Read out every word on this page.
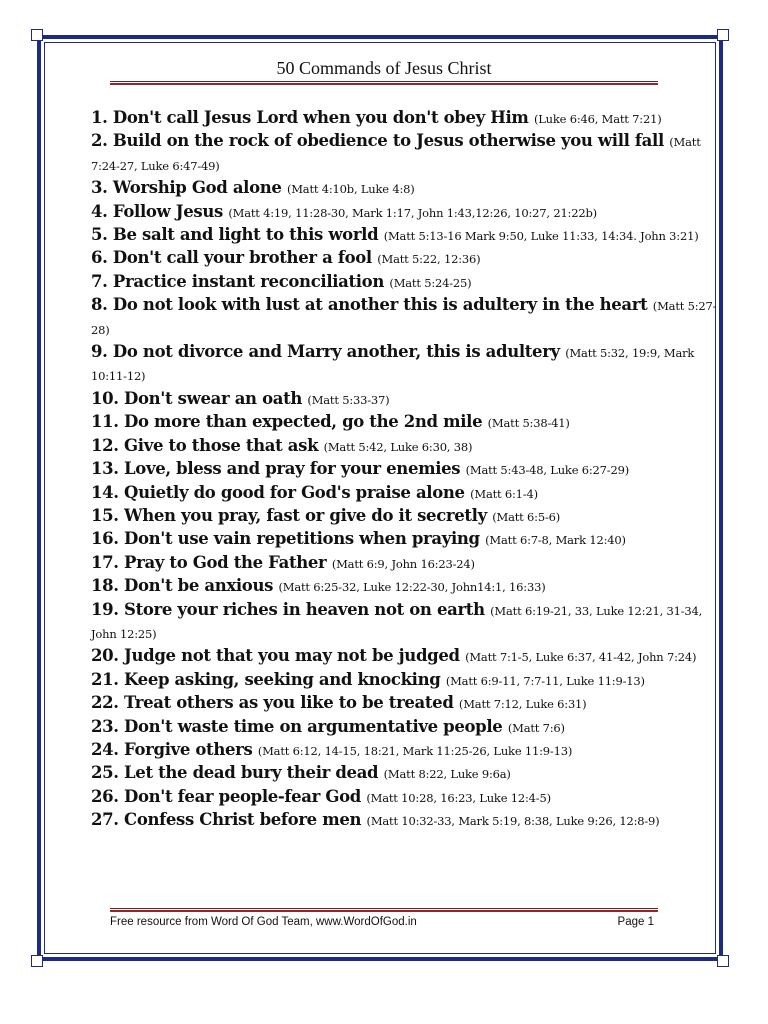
50 Commands of Jesus Christ
1. Don't call Jesus Lord when you don't obey Him (Luke 6:46, Matt 7:21)
2. Build on the rock of obedience to Jesus otherwise you will fall (Matt 7:24-27, Luke 6:47-49)
3. Worship God alone (Matt 4:10b, Luke 4:8)
4. Follow Jesus (Matt 4:19, 11:28-30, Mark 1:17, John 1:43,12:26, 10:27, 21:22b)
5. Be salt and light to this world (Matt 5:13-16 Mark 9:50, Luke 11:33, 14:34. John 3:21)
6. Don't call your brother a fool (Matt 5:22, 12:36)
7. Practice instant reconciliation (Matt 5:24-25)
8. Do not look with lust at another this is adultery in the heart (Matt 5:27-28)
9. Do not divorce and Marry another, this is adultery (Matt 5:32, 19:9, Mark 10:11-12)
10. Don't swear an oath (Matt 5:33-37)
11. Do more than expected, go the 2nd mile (Matt 5:38-41)
12. Give to those that ask (Matt 5:42, Luke 6:30, 38)
13. Love, bless and pray for your enemies (Matt 5:43-48, Luke 6:27-29)
14. Quietly do good for God's praise alone (Matt 6:1-4)
15. When you pray, fast or give do it secretly (Matt 6:5-6)
16. Don't use vain repetitions when praying (Matt 6:7-8, Mark 12:40)
17. Pray to God the Father (Matt 6:9, John 16:23-24)
18. Don't be anxious (Matt 6:25-32, Luke 12:22-30, John14:1, 16:33)
19. Store your riches in heaven not on earth (Matt 6:19-21, 33, Luke 12:21, 31-34, John 12:25)
20. Judge not that you may not be judged (Matt 7:1-5, Luke 6:37, 41-42, John 7:24)
21. Keep asking, seeking and knocking (Matt 6:9-11, 7:7-11, Luke 11:9-13)
22. Treat others as you like to be treated (Matt 7:12, Luke 6:31)
23. Don't waste time on argumentative people (Matt 7:6)
24. Forgive others (Matt 6:12, 14-15, 18:21, Mark 11:25-26, Luke 11:9-13)
25. Let the dead bury their dead (Matt 8:22, Luke 9:6a)
26. Don't fear people-fear God (Matt 10:28, 16:23, Luke 12:4-5)
27. Confess Christ before men (Matt 10:32-33, Mark 5:19, 8:38, Luke 9:26, 12:8-9)
Free resource from Word Of God Team, www.WordOfGod.in	Page 1
